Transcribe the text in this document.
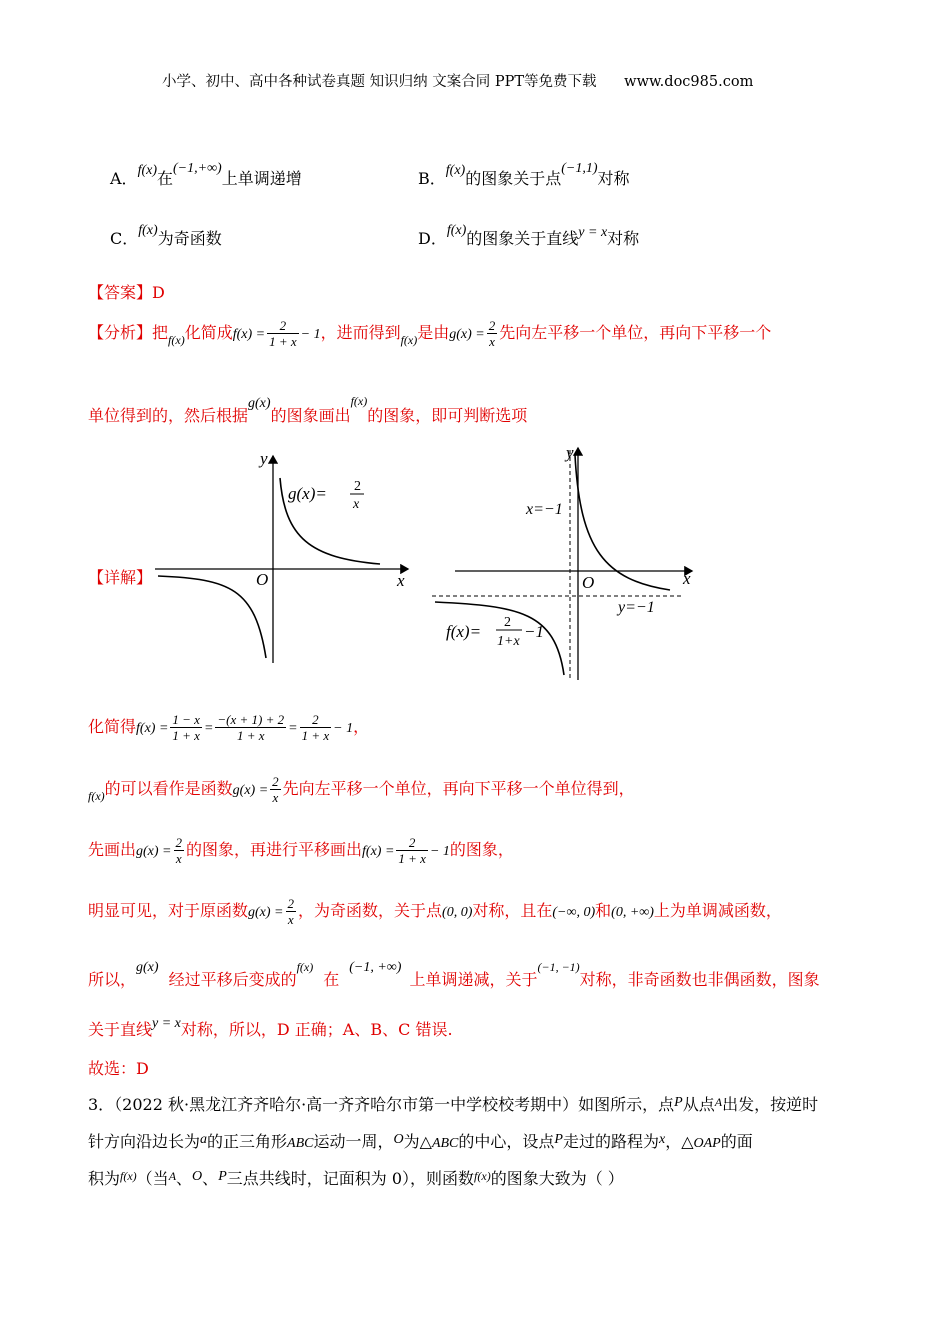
小学、初中、高中各种试卷真题 知识归纳 文案合同 PPT等免费下载 www.doc985.com
A．f(x)在(−1,+∞)上单调递增	B．f(x)的图象关于点(−1,1)对称
C．f(x)为奇函数	D．f(x)的图象关于直线y = x对称
【答案】D
【分析】把$_{f(x)}$化简成$f(x) = \frac{2}{1 + x} - 1$，进而得到$_{f(x)}$是由$g(x) = \frac{2}{x}$ 先向左平移一个单位，再向下平移一个
单位得到的，然后根据g(x)的图象画出$^{f(x)}$的图象，即可判断选项
【详解】
y
x
O
g(x)= 2
x
y
x
O
x=−1
y=−1
f(x)= 2
1+x
−1
化简得$f(x) = \frac{1 - x}{1 + x} = \frac{-(x + 1) + 2}{1 + x} = \frac{2}{1 + x} - 1$，
$_{f(x)}$的可以看作是函数$g(x) = \frac{2}{x}$ 先向左平移一个单位，再向下平移一个单位得到，
先画出$g(x) = \frac{2}{x}$ 的图象，再进行平移画出$f(x) = \frac{2}{1 + x} - 1$的图象，
明显可见，对于原函数$g(x) = \frac{2}{x}$ ，为奇函数，关于点(0, 0)对称，且在(−∞, 0)和(0, +∞)上为单调减函数，
所以，g(x)经过平移后变成的$^{f(x)}$在(−1, +∞)上单调递减，关于$^{(-1, -1)}$对称，非奇函数也非偶函数，图象
关于直线y = x对称，所以，D 正确；A、B、C 错误.
故选：D
3．（2022 秋·黑龙江齐齐哈尔·高一齐齐哈尔市第一中学校校考期中）如图所示，点P从点$^A$出发，按逆时
针方向沿边长为a的正三角形ABC运动一周，O为△ABC的中心，设点P走过的路程为x，△OAP的面
积为$^{f(x)}$（当$^A$、O、P三点共线时，记面积为 0），则函数$^{f(x)}$的图象大致为（ ）
